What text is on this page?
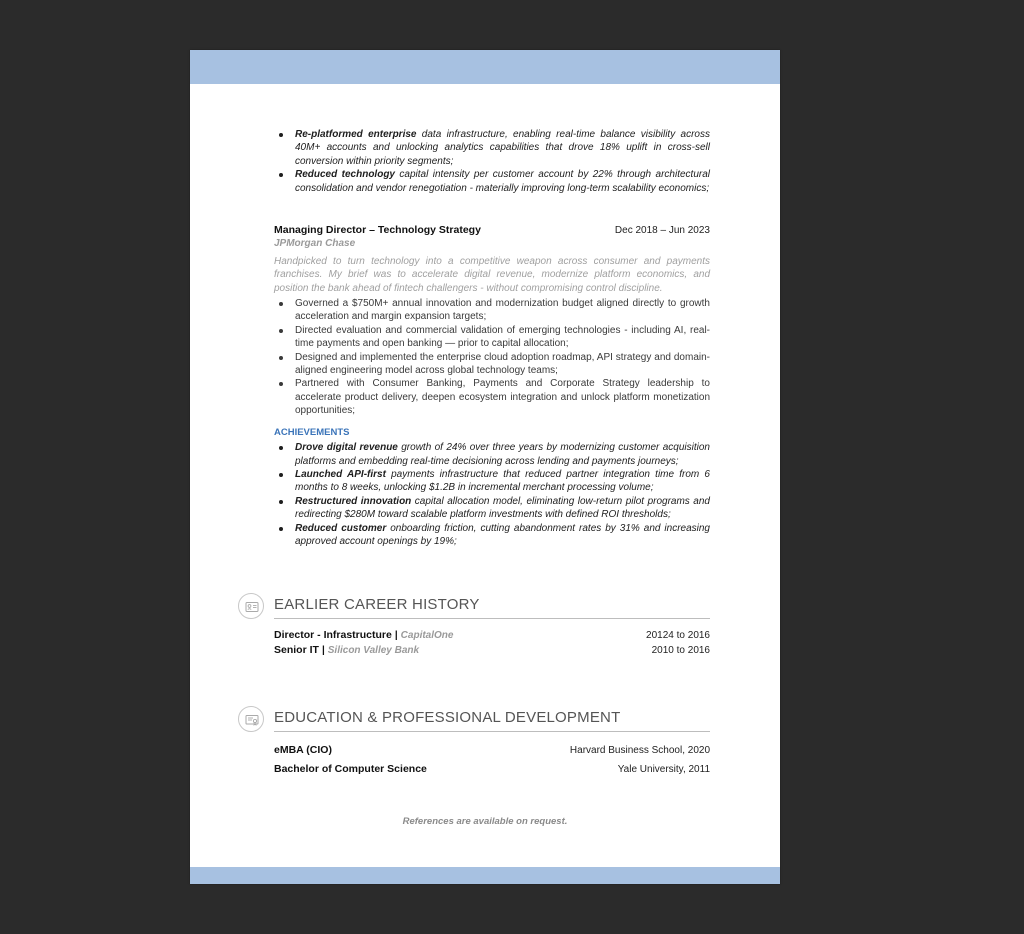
Re-platformed enterprise data infrastructure, enabling real-time balance visibility across 40M+ accounts and unlocking analytics capabilities that drove 18% uplift in cross-sell conversion within priority segments;
Reduced technology capital intensity per customer account by 22% through architectural consolidation and vendor renegotiation - materially improving long-term scalability economics;
Managing Director – Technology Strategy	Dec 2018 – Jun 2023
JPMorgan Chase
Handpicked to turn technology into a competitive weapon across consumer and payments franchises. My brief was to accelerate digital revenue, modernize platform economics, and position the bank ahead of fintech challengers - without compromising control discipline.
Governed a $750M+ annual innovation and modernization budget aligned directly to growth acceleration and margin expansion targets;
Directed evaluation and commercial validation of emerging technologies - including AI, real-time payments and open banking — prior to capital allocation;
Designed and implemented the enterprise cloud adoption roadmap, API strategy and domain-aligned engineering model across global technology teams;
Partnered with Consumer Banking, Payments and Corporate Strategy leadership to accelerate product delivery, deepen ecosystem integration and unlock platform monetization opportunities;
ACHIEVEMENTS
Drove digital revenue growth of 24% over three years by modernizing customer acquisition platforms and embedding real-time decisioning across lending and payments journeys;
Launched API-first payments infrastructure that reduced partner integration time from 6 months to 8 weeks, unlocking $1.2B in incremental merchant processing volume;
Restructured innovation capital allocation model, eliminating low-return pilot programs and redirecting $280M toward scalable platform investments with defined ROI thresholds;
Reduced customer onboarding friction, cutting abandonment rates by 31% and increasing approved account openings by 19%;
EARLIER CAREER HISTORY
Director - Infrastructure | CapitalOne	20124 to 2016
Senior IT | Silicon Valley Bank	2010 to 2016
EDUCATION & PROFESSIONAL DEVELOPMENT
eMBA (CIO)	Harvard Business School, 2020
Bachelor of Computer Science	Yale University, 2011
References are available on request.
